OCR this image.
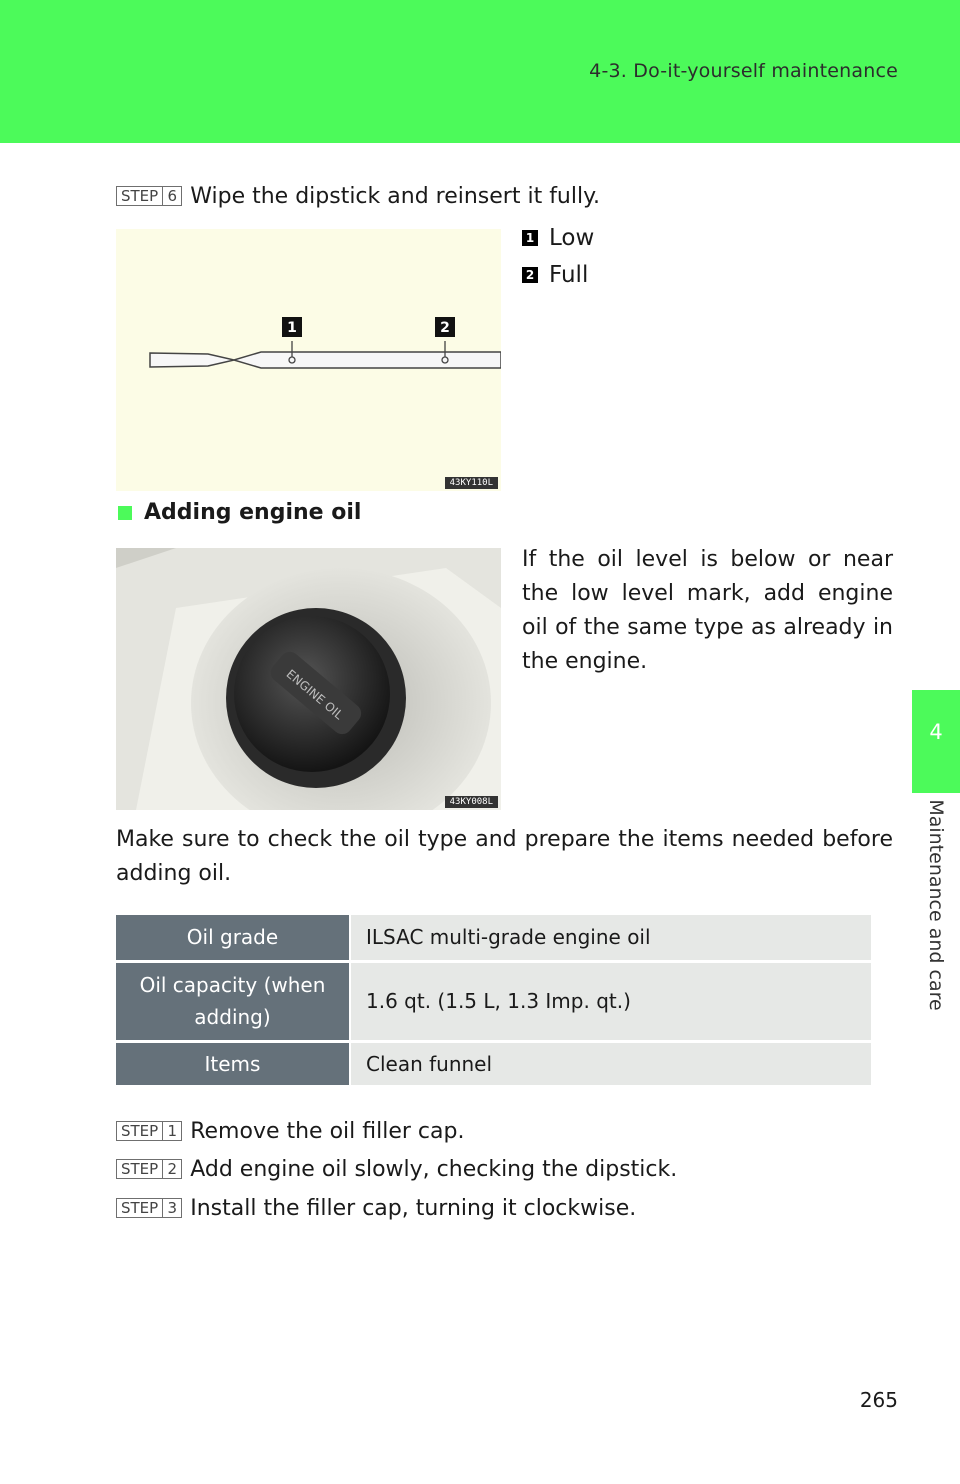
4-3. Do-it-yourself maintenance
4
Maintenance and care
STEP 6 Wipe the dipstick and reinsert it fully.
1	2
43KY110L
1 Low
2 Full
Adding engine oil
ENGINE OIL
43KY008L
If the oil level is below or near the low level mark, add engine oil of the same type as already in the engine.
Make sure to check the oil type and prepare the items needed before adding oil.
Oil grade	ILSAC multi-grade engine oil
Oil capacity (when adding)	1.6 qt. (1.5 L, 1.3 Imp. qt.)
Items	Clean funnel
STEP 1 Remove the oil filler cap.
STEP 2 Add engine oil slowly, checking the dipstick.
STEP 3 Install the filler cap, turning it clockwise.
265
